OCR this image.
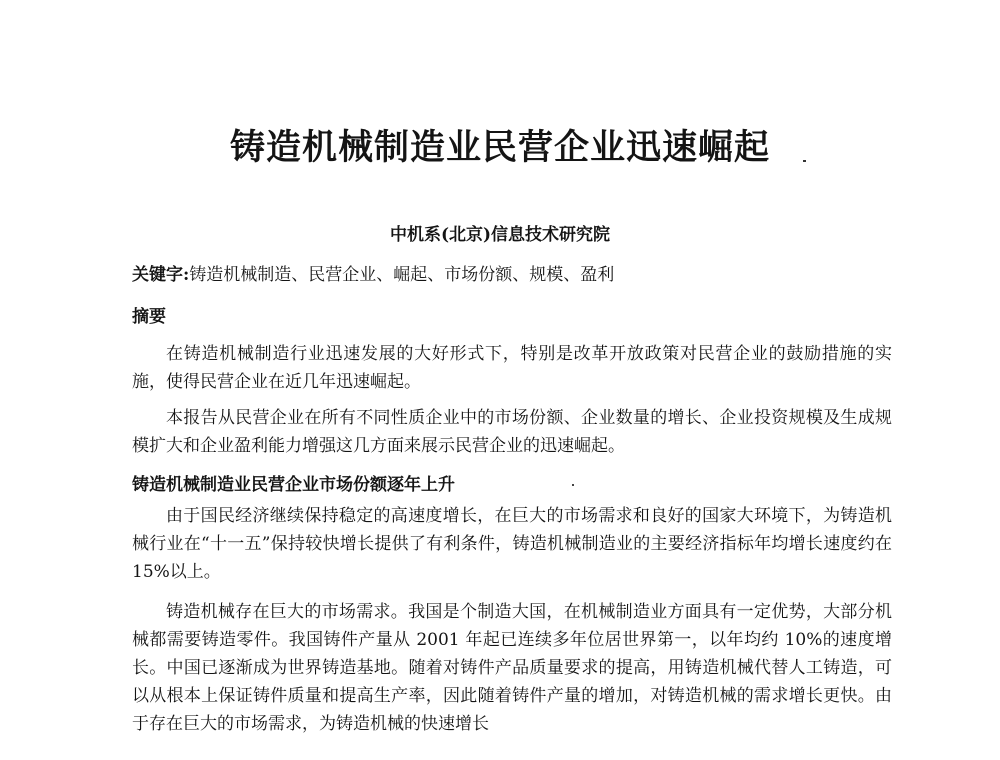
铸造机械制造业民营企业迅速崛起
中机系(北京)信息技术研究院
关键字:铸造机械制造、民营企业、崛起、市场份额、规模、盈利
摘要

在铸造机械制造行业迅速发展的大好形式下，特别是改革开放政策对民营企业的鼓励措施的实施，使得民营企业在近几年迅速崛起。

本报告从民营企业在所有不同性质企业中的市场份额、企业数量的增长、企业投资规模及生成规模扩大和企业盈利能力增强这几方面来展示民营企业的迅速崛起。

铸造机械制造业民营企业市场份额逐年上升

由于国民经济继续保持稳定的高速度增长，在巨大的市场需求和良好的国家大环境下，为铸造机械行业在“十一五”保持较快增长提供了有利条件，铸造机械制造业的主要经济指标年均增长速度约在 15%以上。

铸造机械存在巨大的市场需求。我国是个制造大国，在机械制造业方面具有一定优势，大部分机械都需要铸造零件。我国铸件产量从 2001 年起已连续多年位居世界第一，以年均约 10%的速度增长。中国已逐渐成为世界铸造基地。随着对铸件产品质量要求的提高，用铸造机械代替人工铸造，可以从根本上保证铸件质量和提高生产率，因此随着铸件产量的增加，对铸造机械的需求增长更快。由于存在巨大的市场需求，为铸造机械的快速增长
